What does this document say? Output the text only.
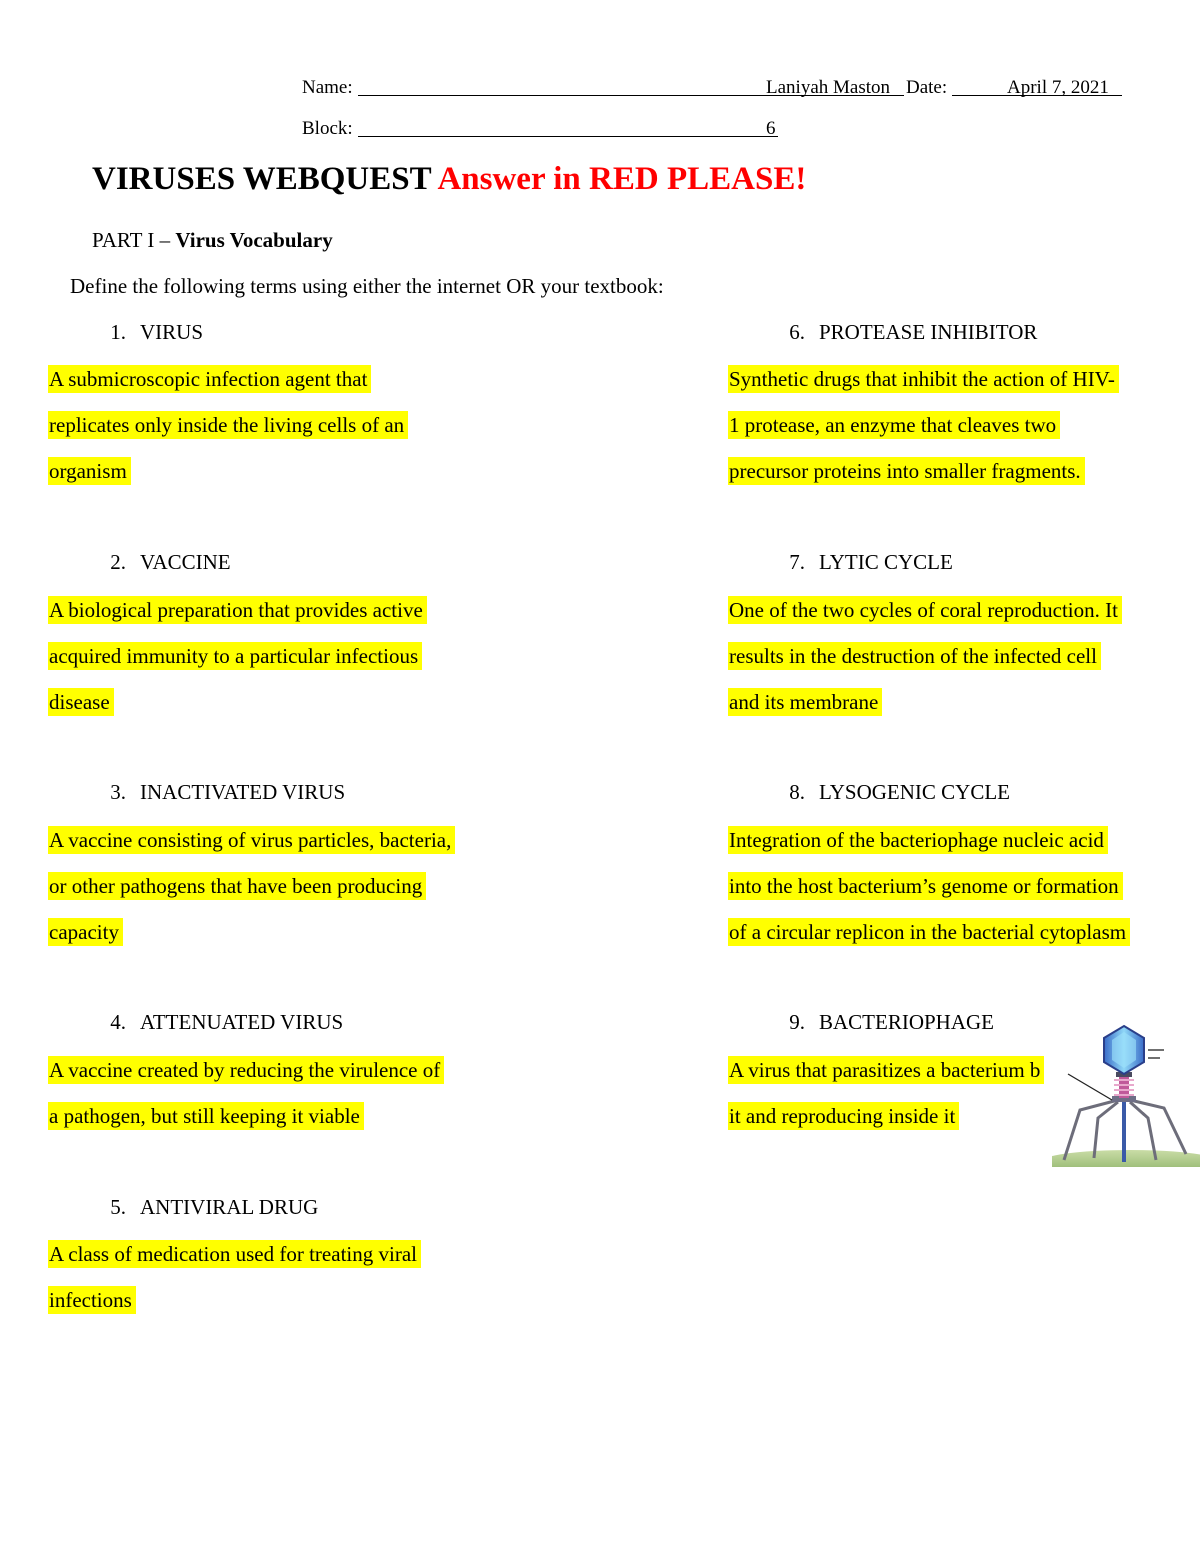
Name:	Laniyah Maston Date:	April 7, 2021
Block:	6
VIRUSES WEBQUEST Answer in RED PLEASE!
PART I – Virus Vocabulary
Define the following terms using either the internet OR your textbook:
1. VIRUS
A submicroscopic infection agent that
replicates only inside the living cells of an
organism
2. VACCINE
A biological preparation that provides active
acquired immunity to a particular infectious
disease
3. INACTIVATED VIRUS
A vaccine consisting of virus particles, bacteria,
or other pathogens that have been producing
capacity
4. ATTENUATED VIRUS
A vaccine created by reducing the virulence of
a pathogen, but still keeping it viable
5. ANTIVIRAL DRUG
A class of medication used for treating viral
infections
6. PROTEASE INHIBITOR
Synthetic drugs that inhibit the action of HIV-
1 protease, an enzyme that cleaves two
precursor proteins into smaller fragments.
7. LYTIC CYCLE
One of the two cycles of coral reproduction. It
results in the destruction of the infected cell
and its membrane
8. LYSOGENIC CYCLE
Integration of the bacteriophage nucleic acid
into the host bacterium’s genome or formation
of a circular replicon in the bacterial cytoplasm
9. BACTERIOPHAGE
A virus that parasitizes a bacterium b
it and reproducing inside it
